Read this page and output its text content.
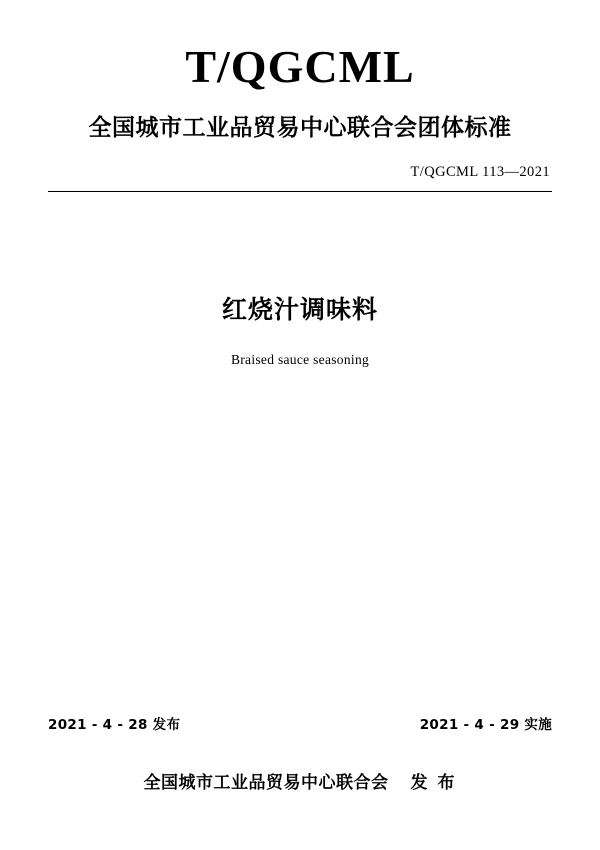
T/QGCML
全国城市工业品贸易中心联合会团体标准
T/QGCML 113—2021
红烧汁调味料
Braised sauce seasoning
2021 - 4 - 28 发布	2021 - 4 - 29 实施
全国城市工业品贸易中心联合会 发 布
